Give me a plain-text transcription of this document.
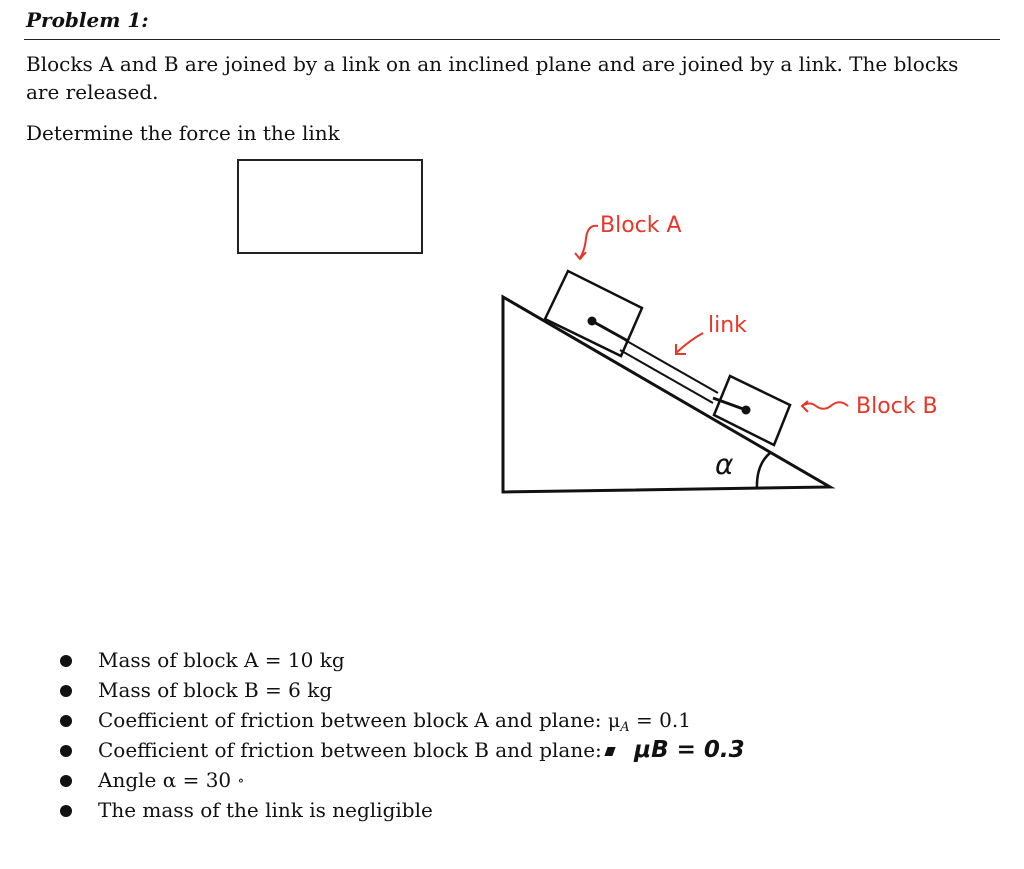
Problem 1:

Blocks A and B are joined by a link on an inclined plane and are joined by a link. The blocks are released.

Determine the force in the link

α
Block A
link
Block B
Mass of block A = 10 kg
Mass of block B = 6 kg
Coefficient of friction between block A and plane: $\mu_A = 0.1$
Coefficient of friction between block B and plane: μB = 0.3
Angle α = 30 ∘
The mass of the link is negligible
